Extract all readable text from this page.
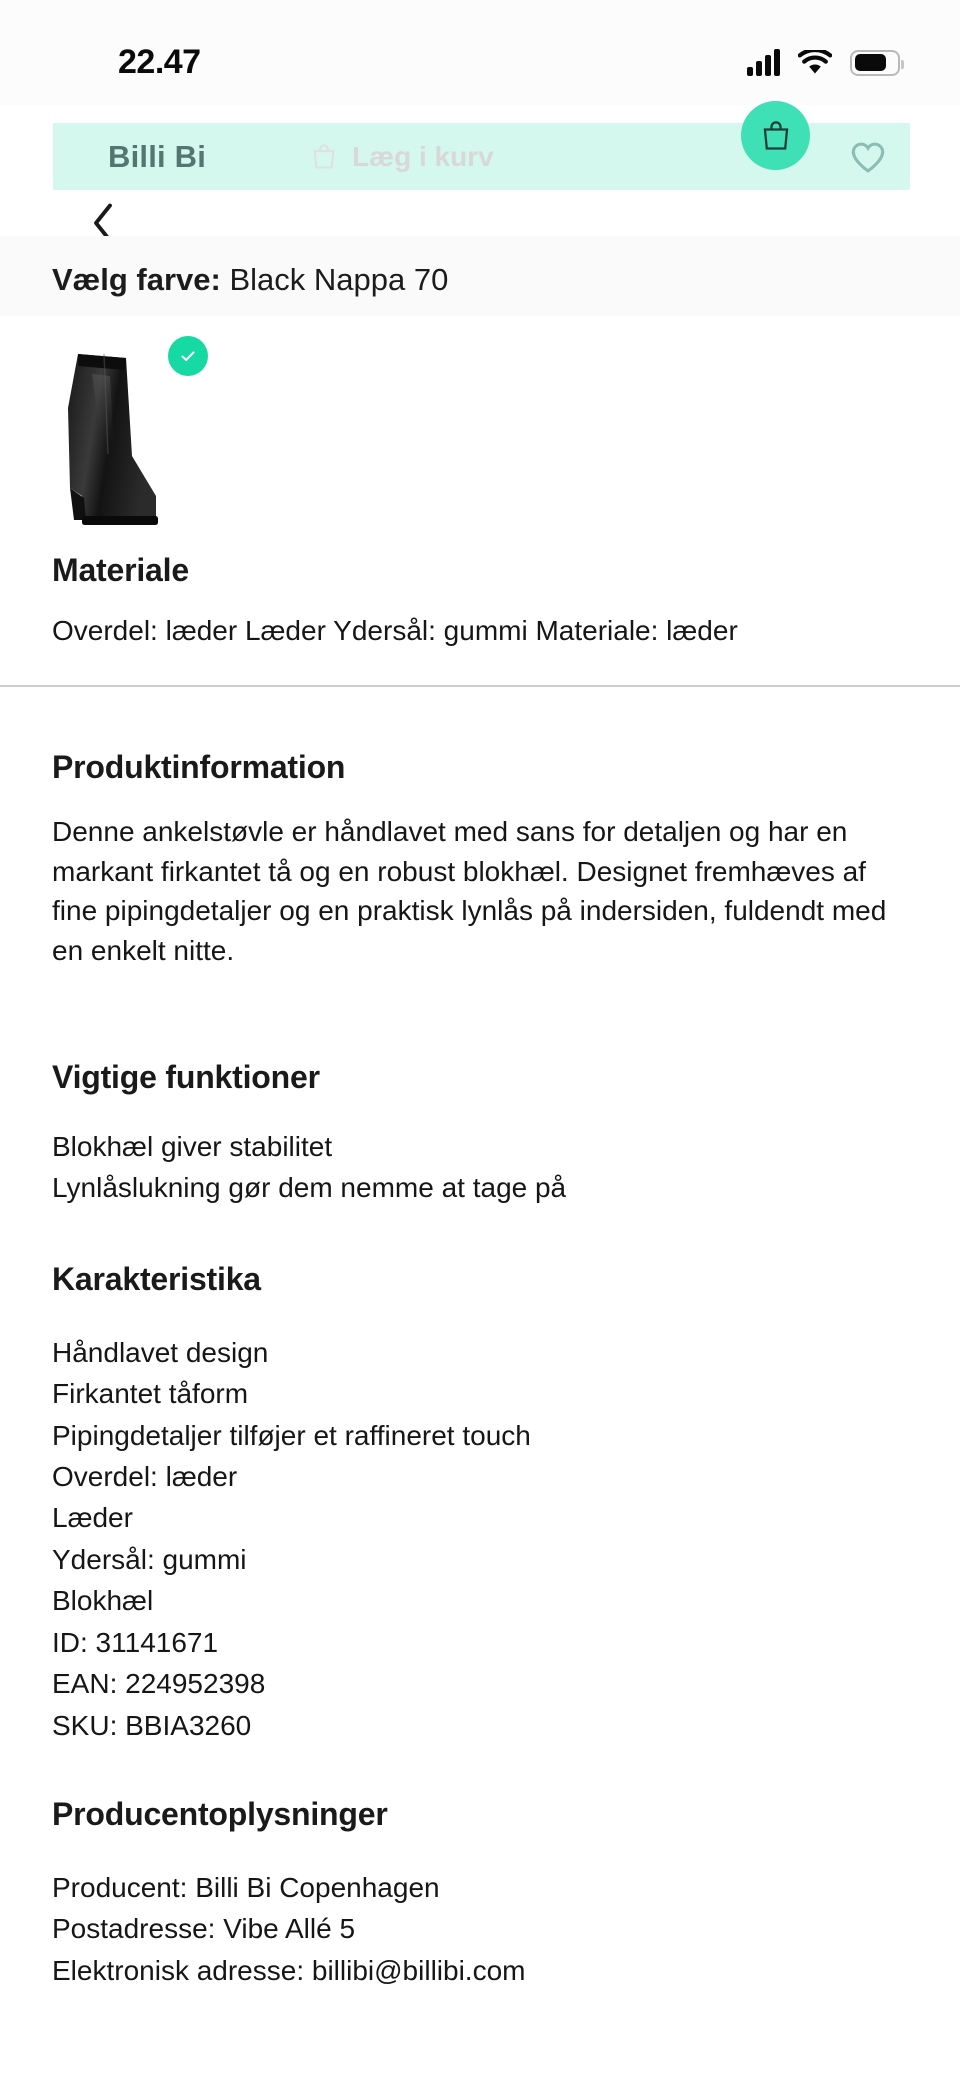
22.47
Billi Bi	Læg i kurv
Vælg farve: Black Nappa 70
Materiale

Overdel: læder Læder Ydersål: gummi Materiale: læder

Produktinformation

Denne ankelstøvle er håndlavet med sans for detaljen og har en markant firkantet tå og en robust blokhæl. Designet fremhæves af fine pipingdetaljer og en praktisk lynlås på indersiden, fuldendt med en enkelt nitte.

Vigtige funktioner
Blokhæl giver stabilitet
Lynlåslukning gør dem nemme at tage på
Karakteristika
Håndlavet design
Firkantet tåform
Pipingdetaljer tilføjer et raffineret touch
Overdel: læder
Læder
Ydersål: gummi
Blokhæl
ID: 31141671
EAN: 224952398
SKU: BBIA3260
Producentoplysninger
Producent: Billi Bi Copenhagen
Postadresse: Vibe Allé 5
Elektronisk adresse: billibi@billibi.com
